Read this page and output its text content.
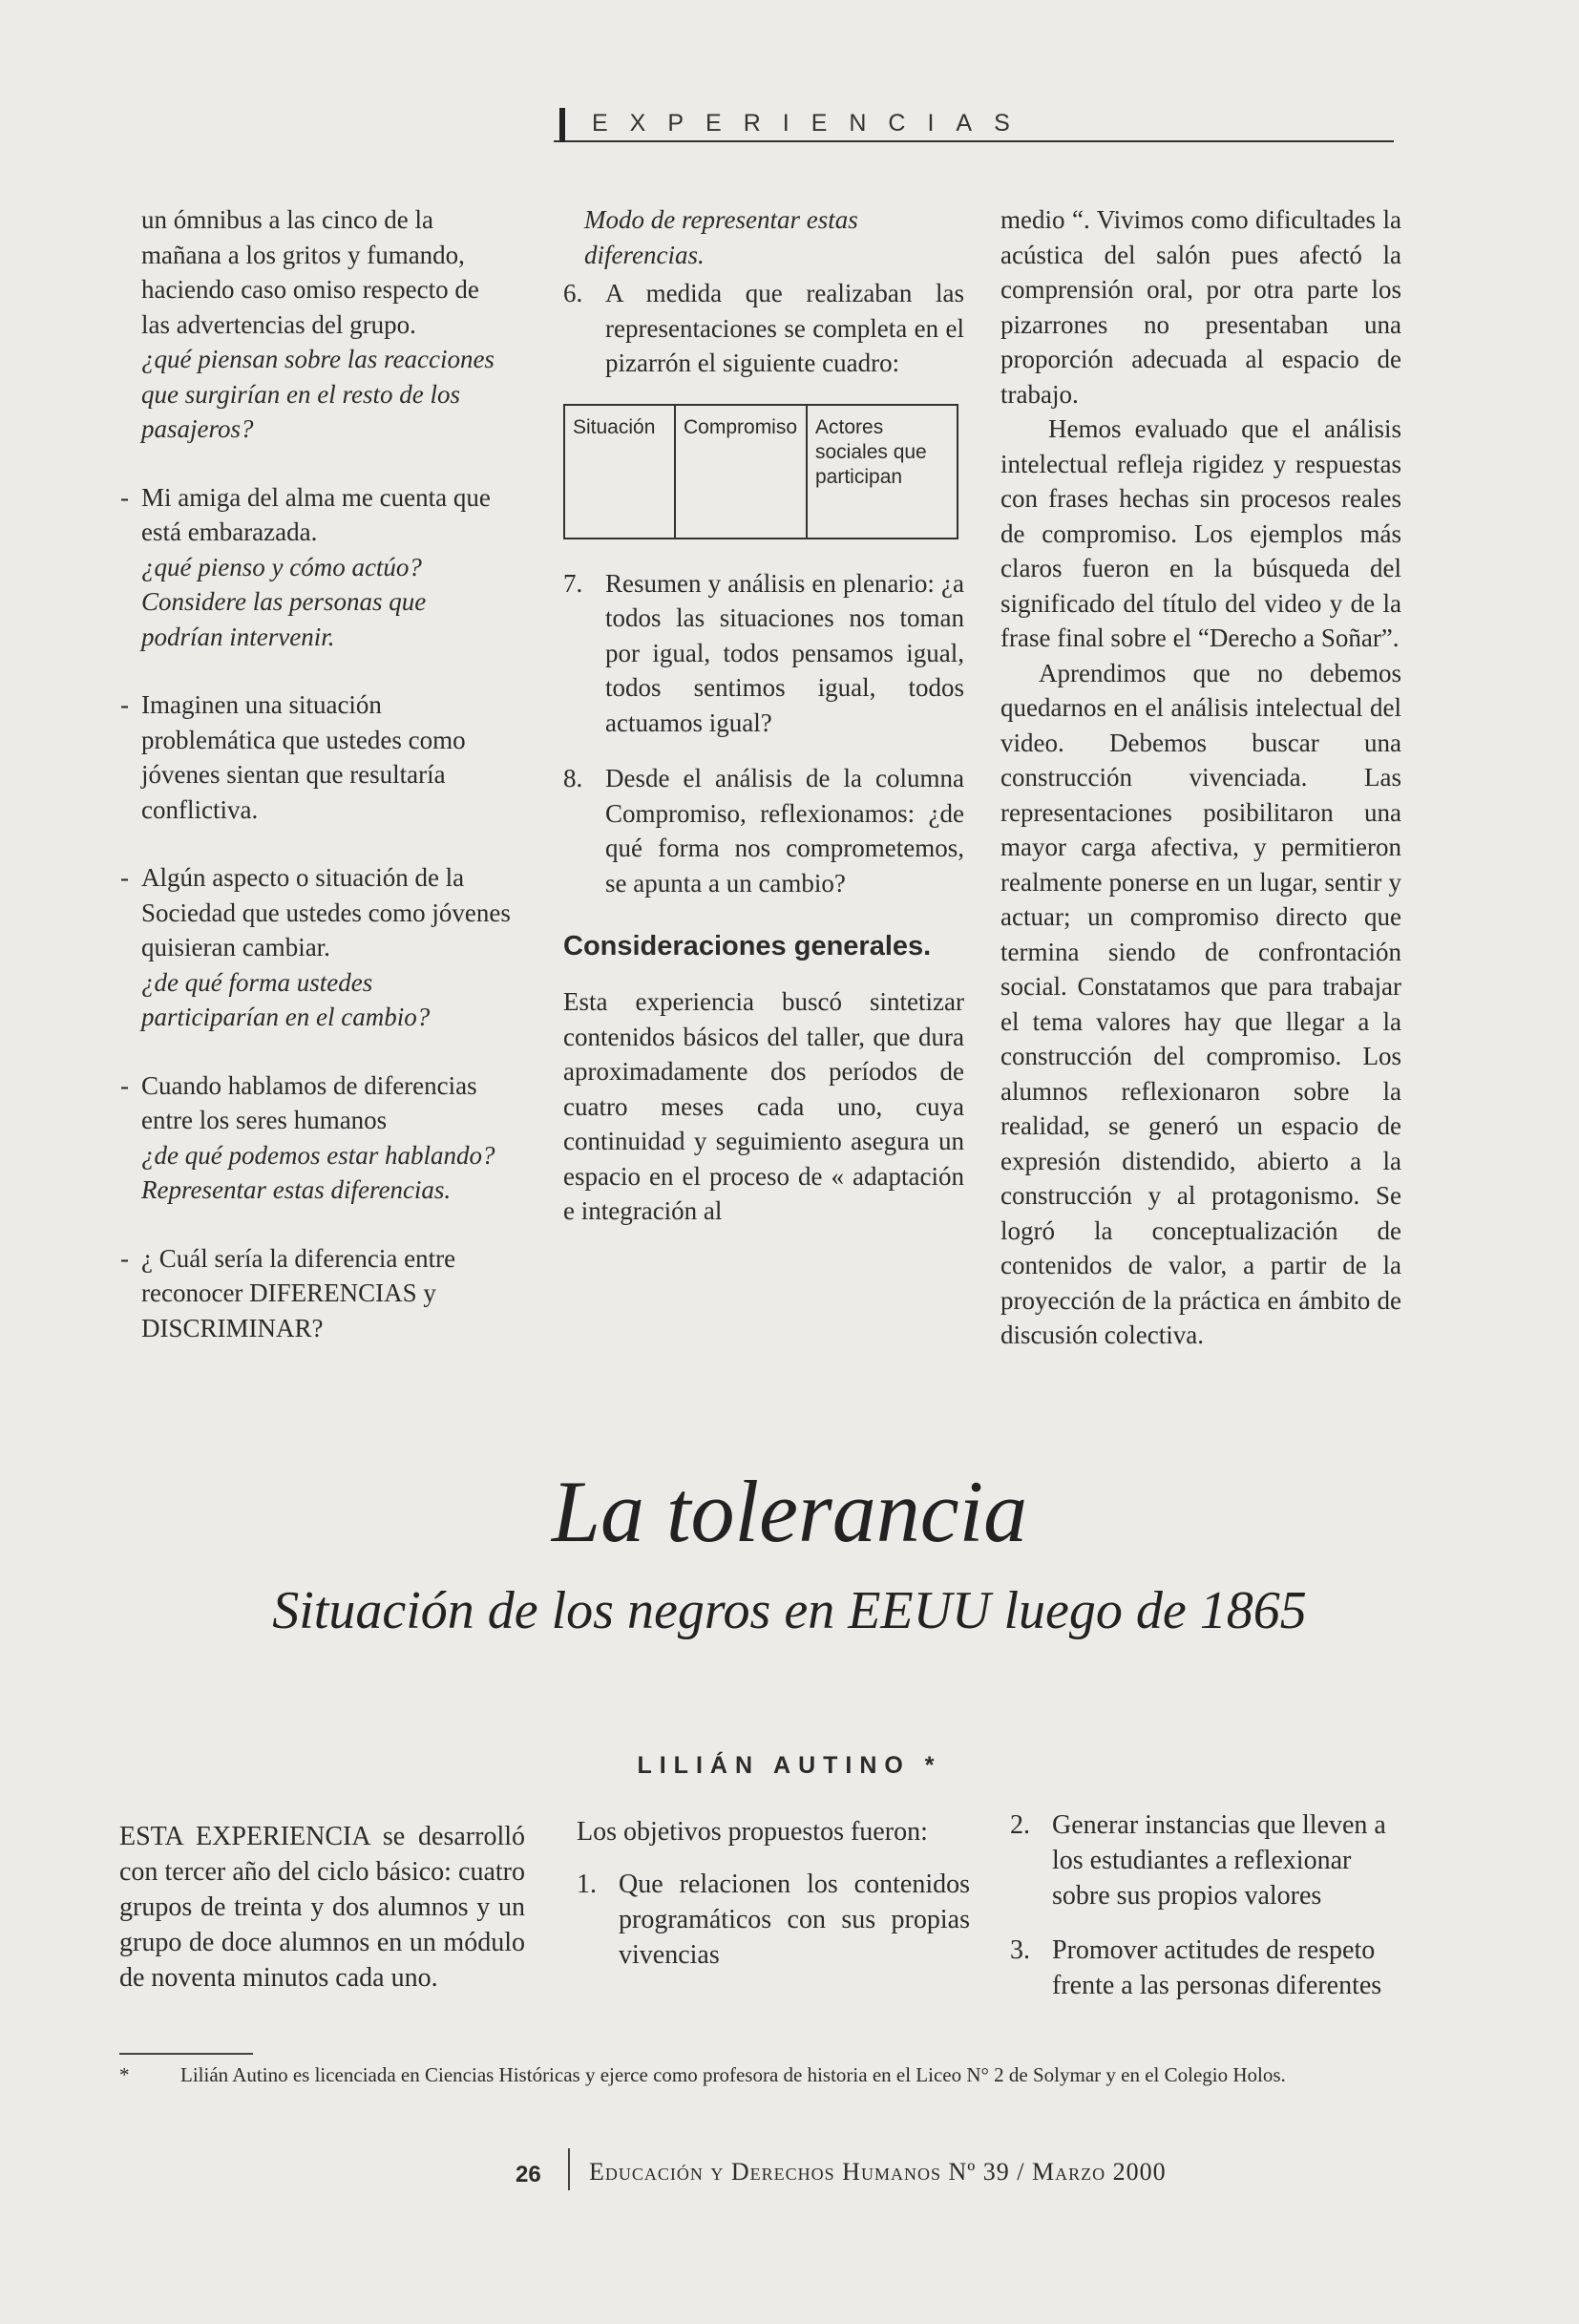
EXPERIENCIAS

un ómnibus a las cinco de la mañana a los gritos y fumando, haciendo caso omiso respecto de las advertencias del grupo.

¿qué piensan sobre las reacciones que surgirían en el resto de los pasajeros?

- Mi amiga del alma me cuenta que está embarazada.
¿qué pienso y cómo actúo? Considere las personas que podrían intervenir.
- Imaginen una situación problemática que ustedes como jóvenes sientan que resultaría conflictiva.
- Algún aspecto o situación de la Sociedad que ustedes como jóvenes quisieran cambiar.
¿de qué forma ustedes participarían en el cambio?
- Cuando hablamos de diferencias entre los seres humanos
¿de qué podemos estar hablando? Representar estas diferencias.
- ¿ Cuál sería la diferencia entre reconocer DIFERENCIAS y DISCRIMINAR?

Modo de representar estas diferencias.

6. A medida que realizaban las representaciones se completa en el pizarrón el siguiente cuadro:
Situación	Compromiso	Actores sociales que participan
7. Resumen y análisis en plenario: ¿a todos las situaciones nos toman por igual, todos pensamos igual, todos sentimos igual, todos actuamos igual?
8. Desde el análisis de la columna Compromiso, reflexionamos: ¿de qué forma nos comprometemos, se apunta a un cambio?
Consideraciones generales.

Esta experiencia buscó sintetizar contenidos básicos del taller, que dura aproximadamente dos períodos de cuatro meses cada uno, cuya continuidad y seguimiento asegura un espacio en el proceso de « adaptación e integración al

medio “. Vivimos como dificultades la acústica del salón pues afectó la comprensión oral, por otra parte los pizarrones no presentaban una proporción adecuada al espacio de trabajo.

Hemos evaluado que el análisis intelectual refleja rigidez y respuestas con frases hechas sin procesos reales de compromiso. Los ejemplos más claros fueron en la búsqueda del significado del título del video y de la frase final sobre el “Derecho a Soñar”.

Aprendimos que no debemos quedarnos en el análisis intelectual del video. Debemos buscar una construcción vivenciada. Las representaciones posibilitaron una mayor carga afectiva, y permitieron realmente ponerse en un lugar, sentir y actuar; un compromiso directo que termina siendo de confrontación social. Constatamos que para trabajar el tema valores hay que llegar a la construcción del compromiso. Los alumnos reflexionaron sobre la realidad, se generó un espacio de expresión distendido, abierto a la construcción y al protagonismo. Se logró la conceptualización de contenidos de valor, a partir de la proyección de la práctica en ámbito de discusión colectiva.

La tolerancia
Situación de los negros en EEUU luego de 1865
LILIÁN AUTINO *

ESTA EXPERIENCIA se desarrolló con tercer año del ciclo básico: cuatro grupos de treinta y dos alumnos y un grupo de doce alumnos en un módulo de noventa minutos cada uno.

Los objetivos propuestos fueron:

1. Que relacionen los contenidos programáticos con sus propias vivencias
2. Generar instancias que lleven a los estudiantes a reflexionar sobre sus propios valores
3. Promover actitudes de respeto frente a las personas diferentes
*	Lilián Autino es licenciada en Ciencias Históricas y ejerce como profesora de historia en el Liceo N° 2 de Solymar y en el Colegio Holos.
26 Educación y Derechos Humanos Nº 39 / Marzo 2000
